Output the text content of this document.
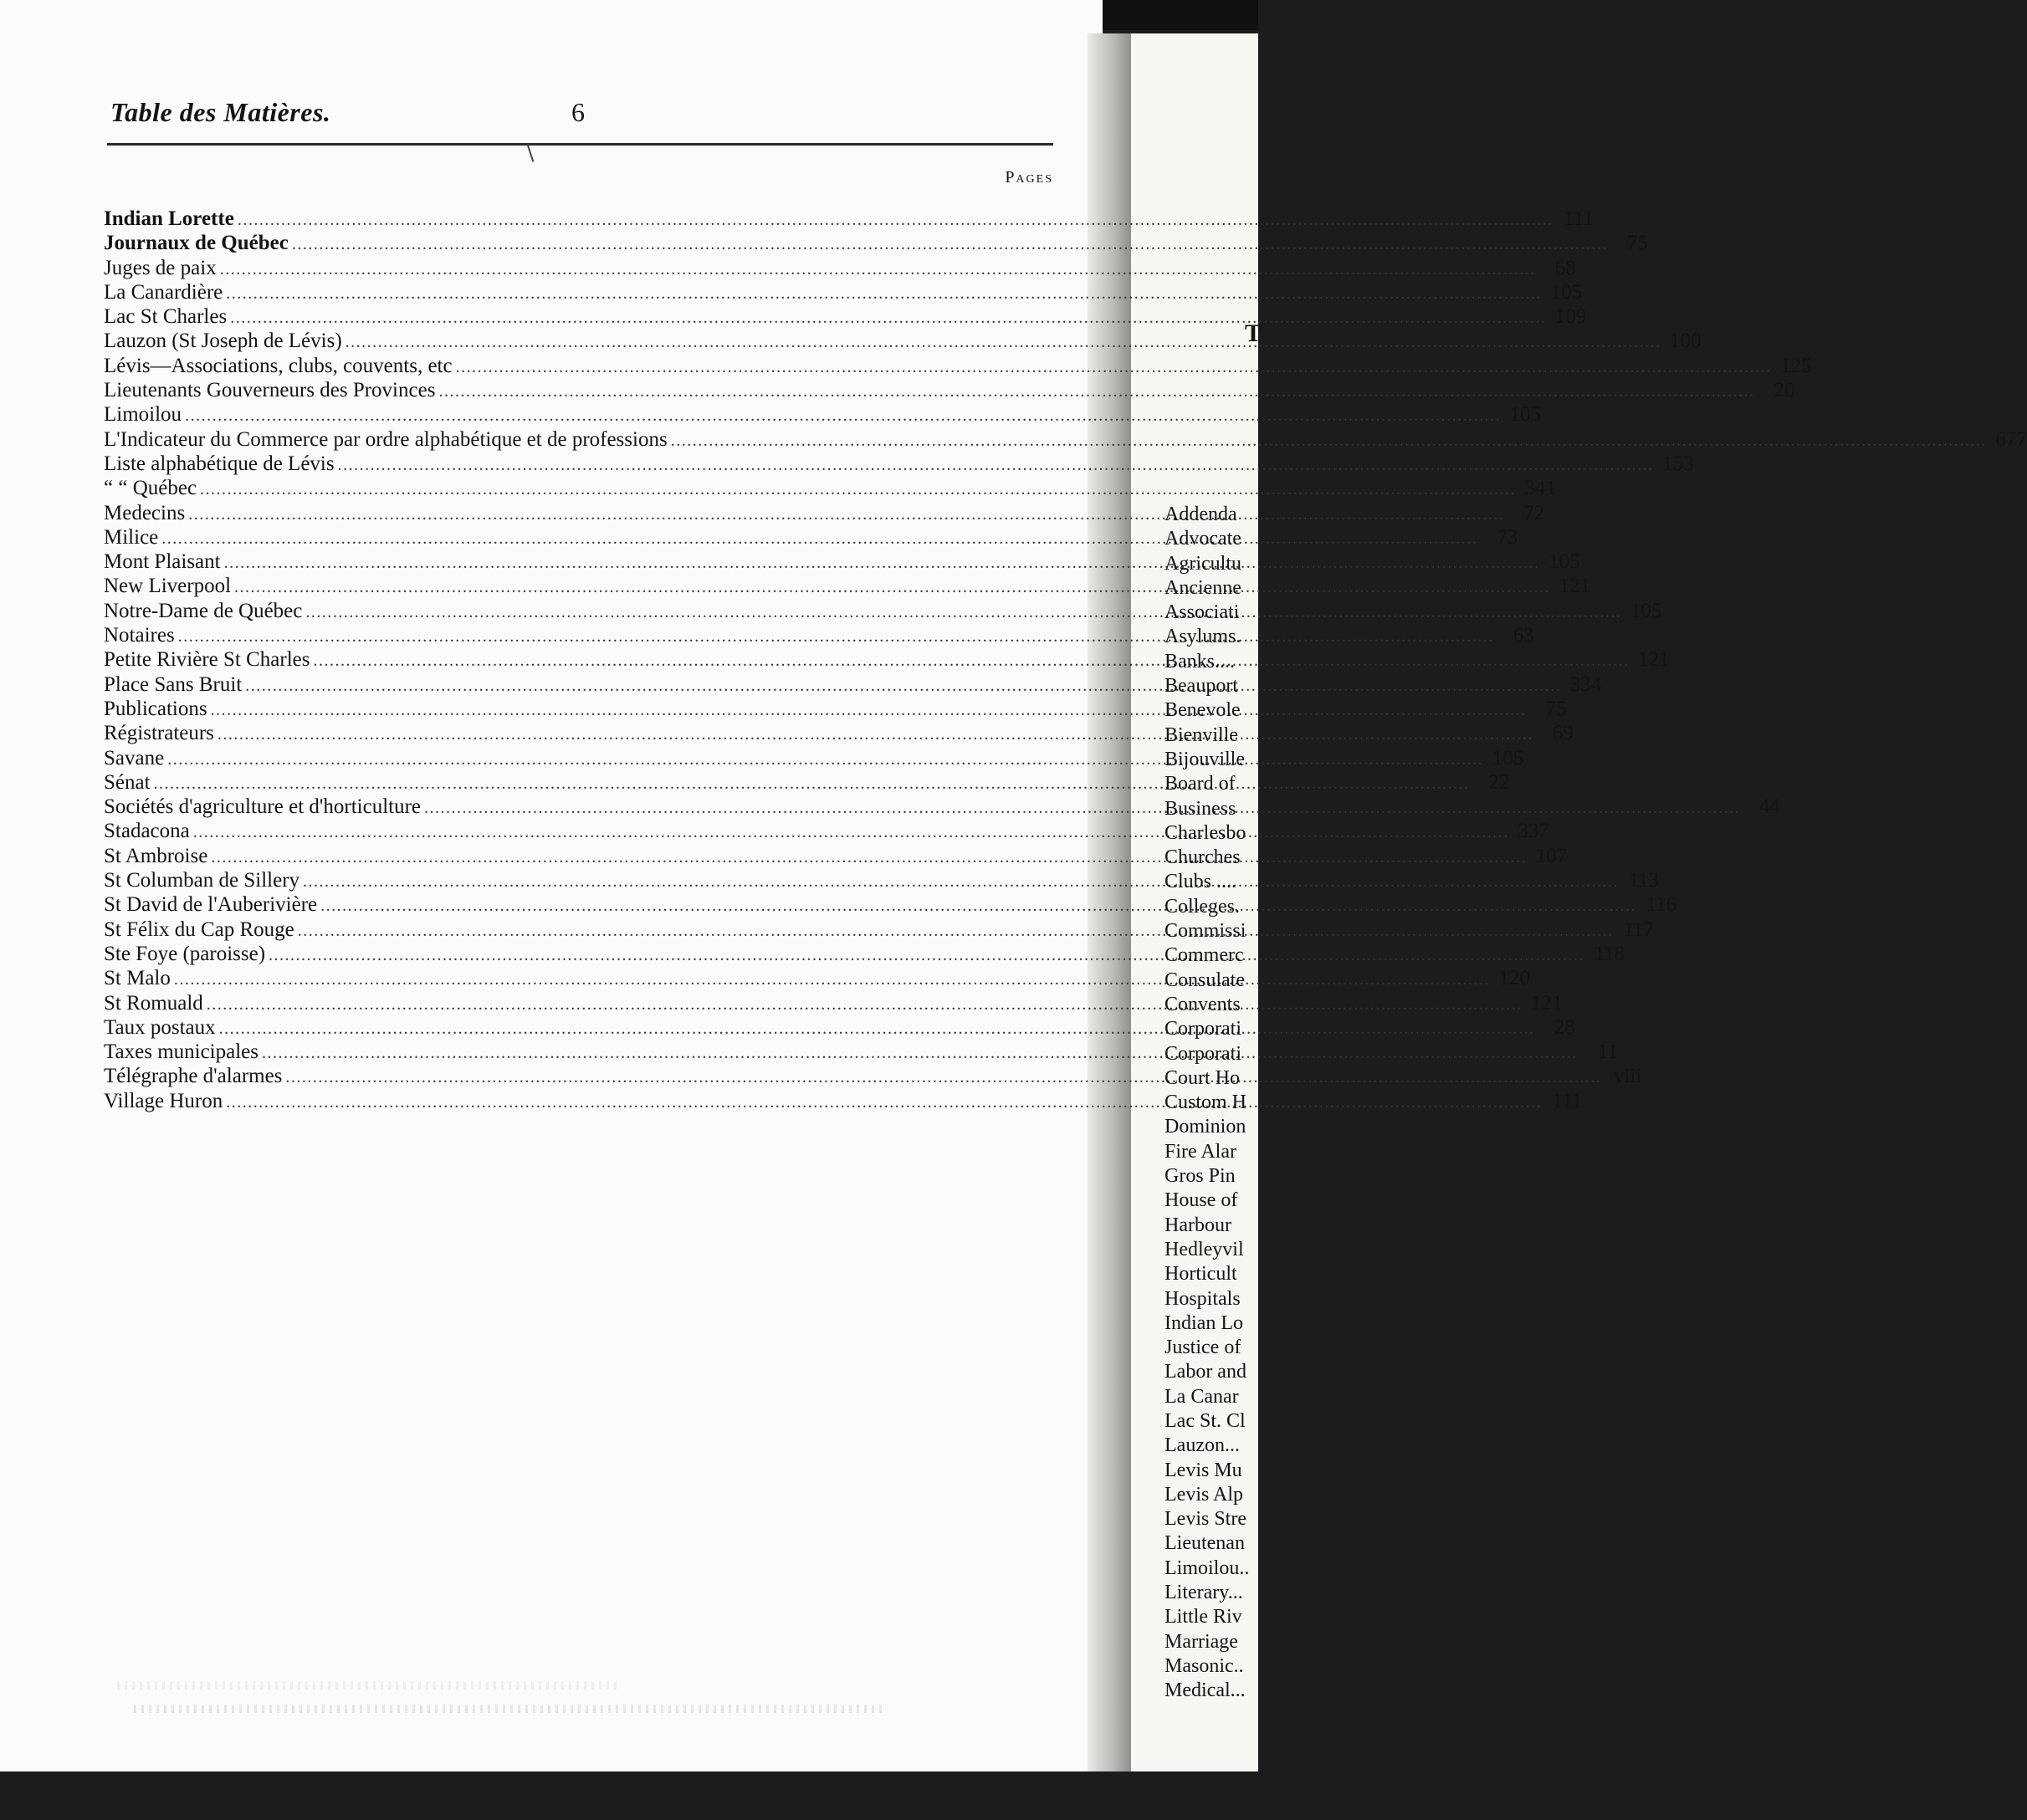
Table des Matières.	6
Pages
Indian Lorette .....	111
Journaux de Québec .....	75
Juges de paix .....	68
La Canardière .....	105
Lac St Charles .....	109
Lauzon (St Joseph de Lévis) .....	100
Lévis—Associations, clubs, couvents, etc .....	125
Lieutenants Gouverneurs des Provinces .....	20
Limoilou .....	105
L'Indicateur du Commerce par ordre alphabétique et de professions .....	677
Liste alphabétique de Lévis .....	153
“ “ Québec .....	341
Medecins .....	72
Milice .....	73
Mont Plaisant .....	105
New Liverpool .....	121
Notre-Dame de Québec .....	105
Notaires .....	63
Petite Rivière St Charles .....	121
Place Sans Bruit .....	334
Publications .....	75
Régistrateurs .....	69
Savane .....	105
Sénat .....	22
Sociétés d'agriculture et d'horticulture .....	44
Stadacona .....	337
St Ambroise .....	107
St Columban de Sillery .....	113
St David de l'Auberivière .....	116
St Félix du Cap Rouge .....	117
Ste Foye (paroisse) .....	118
St Malo .....	120
St Romuald .....	121
Taux postaux .....	28
Taxes municipales .....	11
Télégraphe d'alarmes .....	viii
Village Huron .....	111
T
Addenda
Advocate
Agricultu
Ancienne
Associati
Asylums.
Banks....
Beauport
Benevole
Bienville
Bijouville
Board of
Business
Charlesbo
Churches
Clubs ....
Colleges.
Commissi
Commerc
Consulate
Convents
Corporati
Corporati
Court Ho
Custom H
Dominion
Fire Alar
Gros Pin
House of
Harbour
Hedleyvil
Horticult
Hospitals
Indian Lo
Justice of
Labor and
La Canar
Lac St. Cl
Lauzon...
Levis Mu
Levis Alp
Levis Stre
Lieutenan
Limoilou..
Literary...
Little Riv
Marriage
Masonic..
Medical...
